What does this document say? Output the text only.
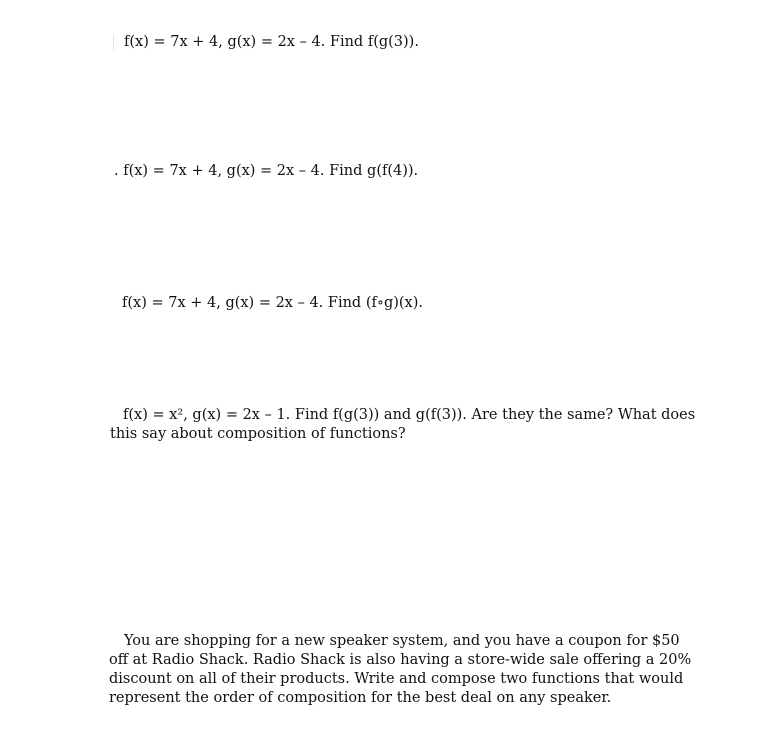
f(x) = 7x + 4, g(x) = 2x – 4. Find f(g(3)).

. f(x) = 7x + 4, g(x) = 2x – 4. Find g(f(4)).

f(x) = 7x + 4, g(x) = 2x – 4. Find (f∘g)(x).

f(x) = x², g(x) = 2x – 1. Find f(g(3)) and g(f(3)). Are they the same? What does this say about composition of functions?

You are shopping for a new speaker system, and you have a coupon for $50 off at Radio Shack. Radio Shack is also having a store-wide sale offering a 20% discount on all of their products. Write and compose two functions that would represent the order of composition for the best deal on any speaker.
